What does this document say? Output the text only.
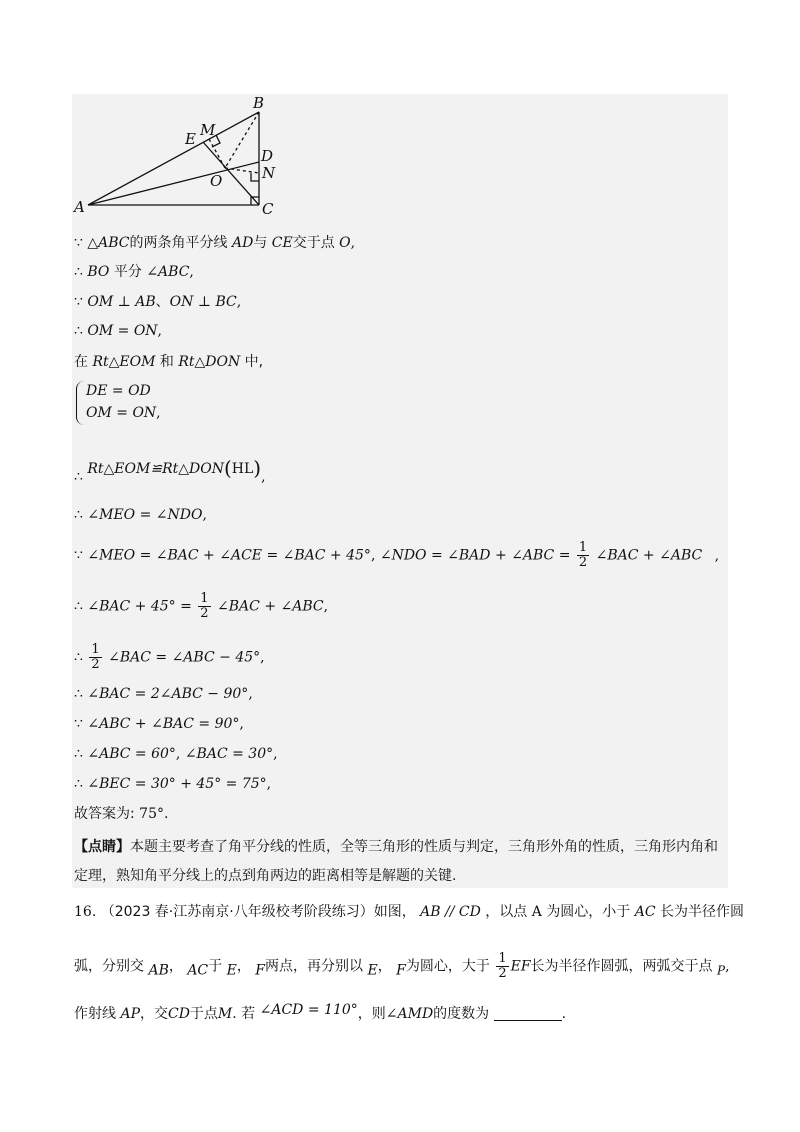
A
B
C
D
E M
N
O
∵ △ABC的两条角平分线 AD与 CE交于点 O,
∴ BO 平分 ∠ABC,
∵ OM ⊥ AB、ON ⊥ BC,
∴ OM = ON,
在 Rt△EOM 和 Rt△DON 中,
DE = OD
OM = ON,
∴ Rt△EOM≌Rt△DON(HL),
∴ ∠MEO = ∠NDO,
∵ ∠MEO = ∠BAC + ∠ACE = ∠BAC + 45°, ∠NDO = ∠BAD + ∠ABC = $\frac{1}{2}$ ∠BAC + ∠ABC ,
∴ ∠BAC + $45^\circ = \frac{1}{2}$ ∠BAC + ∠ABC,
∴ $\frac{1}{2}$ ∠BAC = ∠ABC − 45°,
∴ ∠BAC = 2∠ABC − 90°,
∵ ∠ABC + ∠BAC = 90°,
∴ ∠ABC = 60°, ∠BAC = 30°,
∴ ∠BEC = 30° + 45° = 75°,
故答案为: 75°.
【点睛】本题主要考查了角平分线的性质，全等三角形的性质与判定，三角形外角的性质，三角形内角和
定理，熟知角平分线上的点到角两边的距离相等是解题的关键.
16. （2023 春·江苏南京·八年级校考阶段练习）如图， AB // CD ，以点 A 为圆心，小于 AC 长为半径作圆
弧，分别交 AB， AC于 E， F两点，再分别以 E， F为圆心，大于 $\frac{1}{2}$ EF长为半径作圆弧，两弧交于点 P,
作射线 AP，交CD于点M. 若 ∠ACD = 110°，则∠AMD的度数为	.
